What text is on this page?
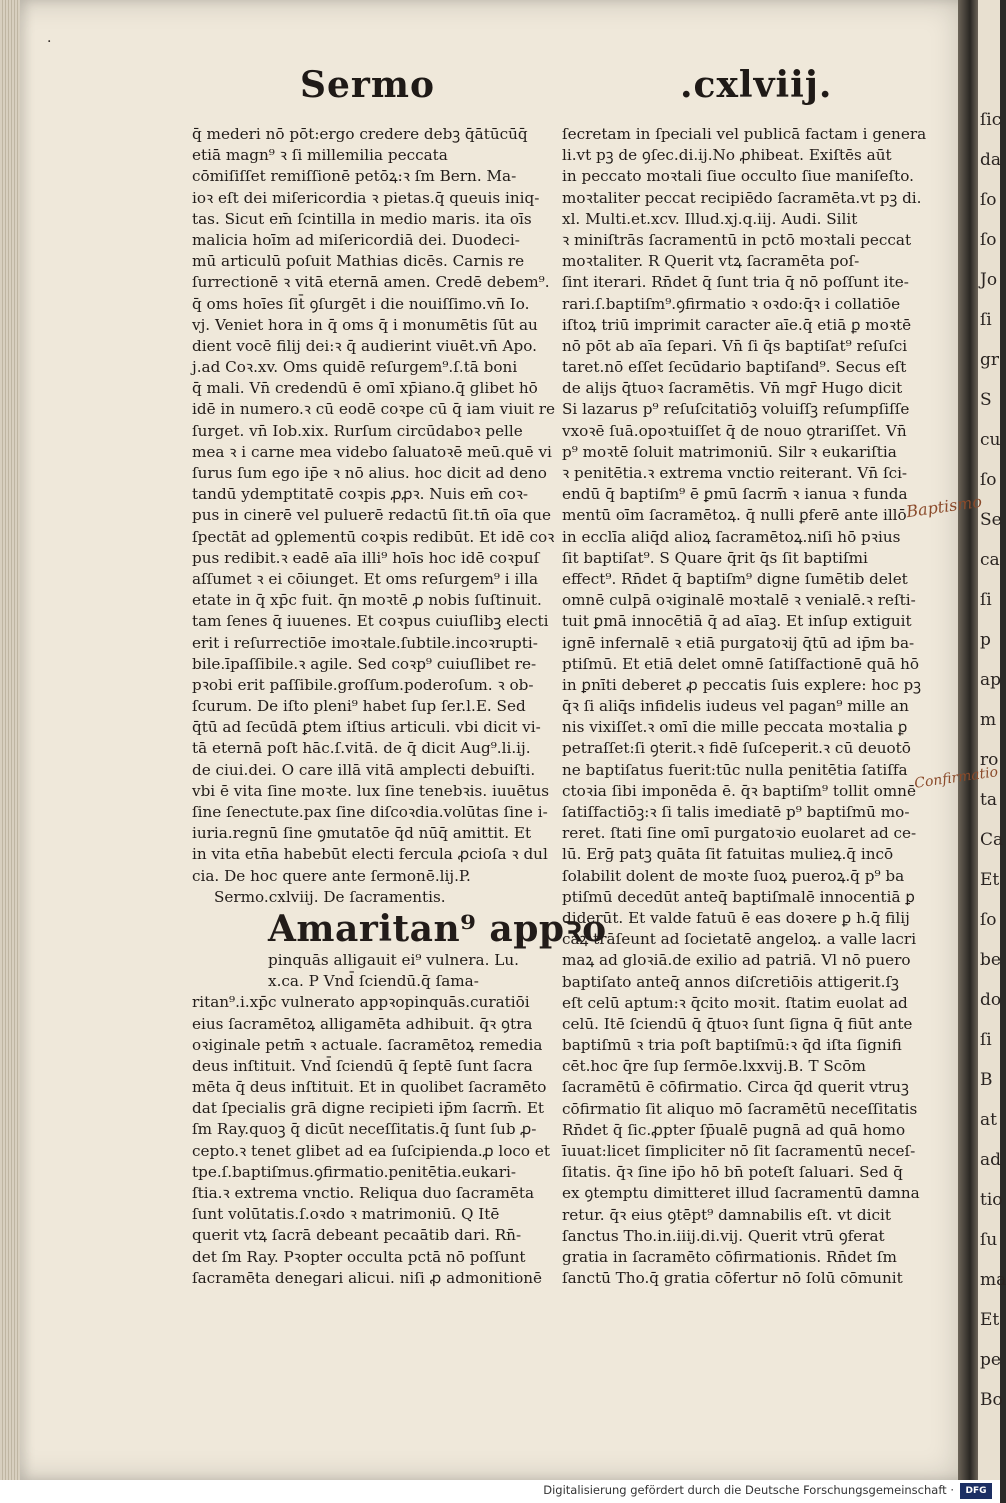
ſic
da
ſo
ſo
Jo
ſi
gr
S
cu
ſo
Se
ca
ſi
p
ap
m
ro
ta
Ca
Et
ſo
be
do
ſi
B
at
ad
tio
ſu
ma
Et
pe
Bo
Sermo	.cxlviij.
·
q̄ mederi nō pōt:ergo credere debꝫ q̄ātūcūq̄
etiā magn⁹ ꝛ ſi millemilia peccata
cōmiſiſſet remiſſionē petōꝝ:ꝛ ſm Bern. Ma-
ioꝛ eſt dei miſericordia ꝛ pietas.q̄ queuis iniq-
tas. Sicut em̄ ſcintilla in medio maris. ita oīs
malicia hoīm ad miſericordiā dei. Duodeci-
mū articulū poſuit Mathias dicēs. Carnis re
ſurrectionē ꝛ vitā eternā amen. Credē debem⁹.
q̄ oms hoīes ſit̄ ꝯſurgēt i die nouiſſimo.vn̄ Io.
vj. Veniet hora in q̄ oms q̄ i monumētis ſūt au
dient vocē filij dei:ꝛ q̄ audierint viuēt.vn̄ Apo.
j.ad Coꝛ.xv. Oms quidē reſurgem⁹.ſ.tā boni
q̄ mali. Vn̄ credendū ē omī xp̄iano.q̄ glibet hō
idē in numero.ꝛ cū eodē coꝛpe cū q̄ iam viuit re
ſurget. vn̄ Iob.xix. Rurſum circūdaboꝛ pelle
mea ꝛ i carne mea videbo ſaluatoꝛē meū.quē vi
ſurus ſum ego ip̄e ꝛ nō alius. hoc dicit ad deno
tandū ydemptitatē coꝛpis ꝓꝓꝛ. Nuis em̄ coꝛ-
pus in cinerē vel puluerē redactū ſit.tn̄ oīa que
ſpectāt ad ꝯplementū coꝛpis redibūt. Et idē coꝛ
pus redibit.ꝛ eadē aīa illi⁹ hoīs hoc idē coꝛpuſ
aſſumet ꝛ ei cōiunget. Et oms reſurgem⁹ i illa
etate in q̄ xp̄c fuit. q̄n moꝛtē ꝓ nobis ſuſtinuit.
tam ſenes q̄ iuuenes. Et coꝛpus cuiuſlibꝫ electi
erit i reſurrectiōe imoꝛtale.ſubtile.incoꝛrupti-
bile.īpaſſibile.ꝛ agile. Sed coꝛp⁹ cuiuſlibet re-
pꝛobi erit paſſibile.groſſum.poderoſum. ꝛ ob-
ſcurum. De iſto pleni⁹ habet ſup ſer.l.E. Sed
q̄tū ad ſecūdā ꝑtem iſtius articuli. vbi dicit vi-
tā eternā poſt hāc.ſ.vitā. de q̄ dicit Aug⁹.li.ij.
de ciui.dei. O care illā vitā amplecti debuiſti.
vbi ē vita ſine moꝛte. lux ſine tenebꝛis. iuuētus
ſine ſenectute.pax ſine diſcoꝛdia.volūtas ſine i-
iuria.regnū ſine ꝯmutatōe q̄d nūq̄ amittit. Et
in vita etn̄a habebūt electi fercula ꝓcioſa ꝛ dul
cia. De hoc quere ante ſermonē.lij.P.
Sermo.cxlviij. De ſacramentis.
Amaritan⁹ appꝛo
pinquās alligauit ei⁹ vulnera. Lu.
x.ca. P Vnd̄ ſciendū.q̄ ſama-
ritan⁹.i.xp̄c vulnerato appꝛopinquās.curatiōi
eius ſacramētoꝝ alligamēta adhibuit. q̄ꝛ ꝯtra
oꝛiginale petm̄ ꝛ actuale. ſacramētoꝝ remedia
deus inſtituit. Vnd̄ ſciendū q̄ ſeptē ſunt ſacra
mēta q̄ deus inſtituit. Et in quolibet ſacramēto
dat ſpecialis grā digne recipieti ip̄m ſacrm̄. Et
ſm Ray.quoꝫ q̄ dicūt neceſſitatis.q̄ ſunt ſub ꝓ-
cepto.ꝛ tenet glibet ad ea ſuſcipienda.ꝓ loco et
tpe.ſ.baptiſmus.ꝯfirmatio.penitētia.eukari-
ſtia.ꝛ extrema vnctio. Reliqua duo ſacramēta
ſunt volūtatis.ſ.oꝛdo ꝛ matrimoniū. Q Itē
querit vtꝝ ſacrā debeant pecaātib dari. Rn̄-
det ſm Ray. Pꝛopter occulta pctā nō poſſunt
ſacramēta denegari alicui. niſi ꝓ admonitionē
ſecretam in ſpeciali vel publicā factam i genera
li.vt pꝫ de ꝯſec.di.ij.No ꝓhibeat. Exiſtēs aūt
in peccato moꝛtali ſiue occulto ſiue maniſeſto.
moꝛtaliter peccat recipiēdo ſacramēta.vt pꝫ di.
xl. Multi.et.xcv. Illud.xj.q.iij. Audi. Silit
ꝛ miniſtrās ſacramentū in pctō moꝛtali peccat
moꝛtaliter. R Querit vtꝝ ſacramēta poſ-
ſint iterari. Rn̄det q̄ ſunt tria q̄ nō poſſunt ite-
rari.ſ.baptiſm⁹.ꝯfirmatio ꝛ oꝛdo:q̄ꝛ i collatiōe
iſtoꝝ triū imprimit caracter aīe.q̄ etiā ꝑ moꝛtē
nō pōt ab aīa ſepari. Vn̄ ſi q̄s baptiſat⁹ reſuſci
taret.nō eſſet ſecūdario baptiſand⁹. Secus eſt
de alijs q̄tuoꝛ ſacramētis. Vn̄ mgr̄ Hugo dicit
Si lazarus p⁹ reſuſcitatiōꝫ voluiſſꝫ reſumpſiſſe
vxoꝛē ſuā.opoꝛtuiſſet q̄ de nouo ꝯtrariſſet. Vn̄
p⁹ moꝛtē ſoluit matrimoniū. Silr ꝛ eukariſtia
ꝛ penitētia.ꝛ extrema vnctio reiterant. Vn̄ ſci-
endū q̄ baptiſm⁹ ē ꝑmū ſacrm̄ ꝛ ianua ꝛ funda
mentū oīm ſacramētoꝝ. q̄ nulli ꝑferē ante illō
in ecclīa aliq̄d alioꝝ ſacramētoꝝ.niſi hō pꝛius
ſit baptiſat⁹. S Quare q̄rit q̄s ſit baptiſmi
effect⁹. Rn̄det q̄ baptiſm⁹ digne ſumētib delet
omnē culpā oꝛiginalē moꝛtalē ꝛ venialē.ꝛ reſti-
tuit ꝑmā innocētiā q̄ ad aīaꝫ. Et inſup extiguit
ignē infernalē ꝛ etiā purgatoꝛij q̄tū ad ip̄m ba-
ptiſmū. Et etiā delet omnē ſatiſfactionē quā hō
in ꝑnīti deberet ꝓ peccatis ſuis explere: hoc pꝫ
q̄ꝛ ſi aliq̄s infidelis iudeus vel pagan⁹ mille an
nis vixiſſet.ꝛ omī die mille peccata moꝛtalia ꝑ
petraſſet:ſi ꝯterit.ꝛ fidē ſuſceperit.ꝛ cū deuotō
ne baptiſatus fuerit:tūc nulla penitētia ſatiſfa
ctoꝛia ſibi imponēda ē. q̄ꝛ baptiſm⁹ tollit omnē
ſatiſfactiōꝫ:ꝛ ſi talis imediatē p⁹ baptiſmū mo-
reret. ſtati ſine omī purgatoꝛio euolaret ad ce-
lū. Erḡ patꝫ quāta ſit fatuitas mulieꝝ.q̄ incō
ſolabilit dolent de moꝛte ſuoꝝ pueroꝝ.q̄ p⁹ ba
ptiſmū decedūt anteq̄ baptiſmalē innocentiā ꝑ
diderūt. Et valde fatuū ē eas doꝛere ꝑ h.q̄ filij
caꝝ trāſeunt ad ſocietatē angeloꝝ. a valle lacri
maꝝ ad gloꝛiā.de exilio ad patriā. Vl nō puero
baptiſato anteq̄ annos diſcretiōis attigerit.ſꝫ
eſt celū aptum:ꝛ q̄cito moꝛit. ſtatim euolat ad
celū. Itē ſciendū q̄ q̄tuoꝛ ſunt ſigna q̄ fiūt ante
baptiſmū ꝛ tria poſt baptiſmū:ꝛ q̄d iſta ſignifi
cēt.hoc q̄re ſup ſermōe.lxxvij.B. T Scōm
ſacramētū ē cōfirmatio. Circa q̄d querit vtruꝫ
cōfirmatio ſit aliquo mō ſacramētū neceſſitatis
Rn̄det q̄ ſic.ꝓpter ſp̄ualē pugnā ad quā homo
īuuat:licet ſimpliciter nō ſit ſacramentū neceſ-
ſitatis. q̄ꝛ ſine ip̄o hō bn̄ poteſt ſaluari. Sed q̄
ex ꝯtemptu dimitteret illud ſacramentū damna
retur. q̄ꝛ eius ꝯtēpt⁹ damnabilis eſt. vt dicit
ſanctus Tho.in.iiij.di.vij. Querit vtrū ꝯferat
gratia in ſacramēto cōfirmationis. Rn̄det ſm
ſanctū Tho.q̄ gratia cōfertur nō ſolū cōmunit
Baptismo
Confirmatio
Digitalisierung gefördert durch die Deutsche Forschungsgemeinschaft ·	DFG
